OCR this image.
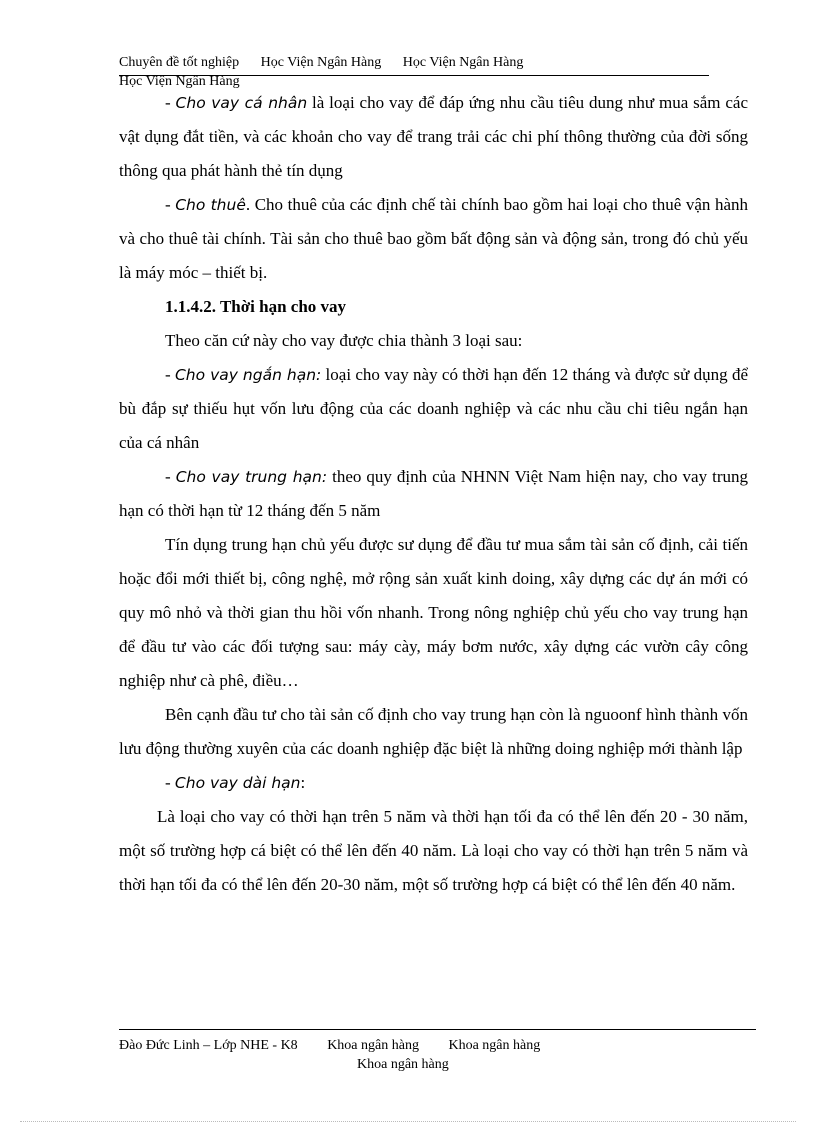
Chuyên đề tốt nghiệp Học Viện Ngân Hàng Học Viện Ngân Hàng
Học Viện Ngân Hàng

- Cho vay cá nhân là loại cho vay để đáp ứng nhu cầu tiêu dung như mua sắm các vật dụng đắt tiền, và các khoản cho vay để trang trải các chi phí thông thường của đời sống thông qua phát hành thẻ tín dụng

- Cho thuê. Cho thuê của các định chế tài chính bao gồm hai loại cho thuê vận hành và cho thuê tài chính. Tài sản cho thuê bao gồm bất động sản và động sản, trong đó chủ yếu là máy móc – thiết bị.

1.1.4.2. Thời hạn cho vay

Theo căn cứ này cho vay được chia thành 3 loại sau:

- Cho vay ngắn hạn: loại cho vay này có thời hạn đến 12 tháng và được sử dụng để bù đắp sự thiếu hụt vốn lưu động của các doanh nghiệp và các nhu cầu chi tiêu ngắn hạn của cá nhân

- Cho vay trung hạn: theo quy định của NHNN Việt Nam hiện nay, cho vay trung hạn có thời hạn từ 12 tháng đến 5 năm

Tín dụng trung hạn chủ yếu được sư dụng để đầu tư mua sắm tài sản cố định, cải tiến hoặc đổi mới thiết bị, công nghệ, mở rộng sản xuất kinh doing, xây dựng các dự án mới có quy mô nhỏ và thời gian thu hồi vốn nhanh. Trong nông nghiệp chủ yếu cho vay trung hạn để đầu tư vào các đối tượng sau: máy cày, máy bơm nước, xây dựng các vườn cây công nghiệp như cà phê, điều…

Bên cạnh đầu tư cho tài sản cố định cho vay trung hạn còn là nguoonf hình thành vốn lưu động thường xuyên của các doanh nghiệp đặc biệt là những doing nghiệp mới thành lập

- Cho vay dài hạn:

Là loại cho vay có thời hạn trên 5 năm và thời hạn tối đa có thể lên đến 20 - 30 năm, một số trường hợp cá biệt có thể lên đến 40 năm. Là loại cho vay có thời hạn trên 5 năm và thời hạn tối đa có thể lên đến 20-30 năm, một số trường hợp cá biệt có thể lên đến 40 năm.

Đào Đức Linh – Lớp NHE - K8 Khoa ngân hàng Khoa ngân hàng
Khoa ngân hàng
